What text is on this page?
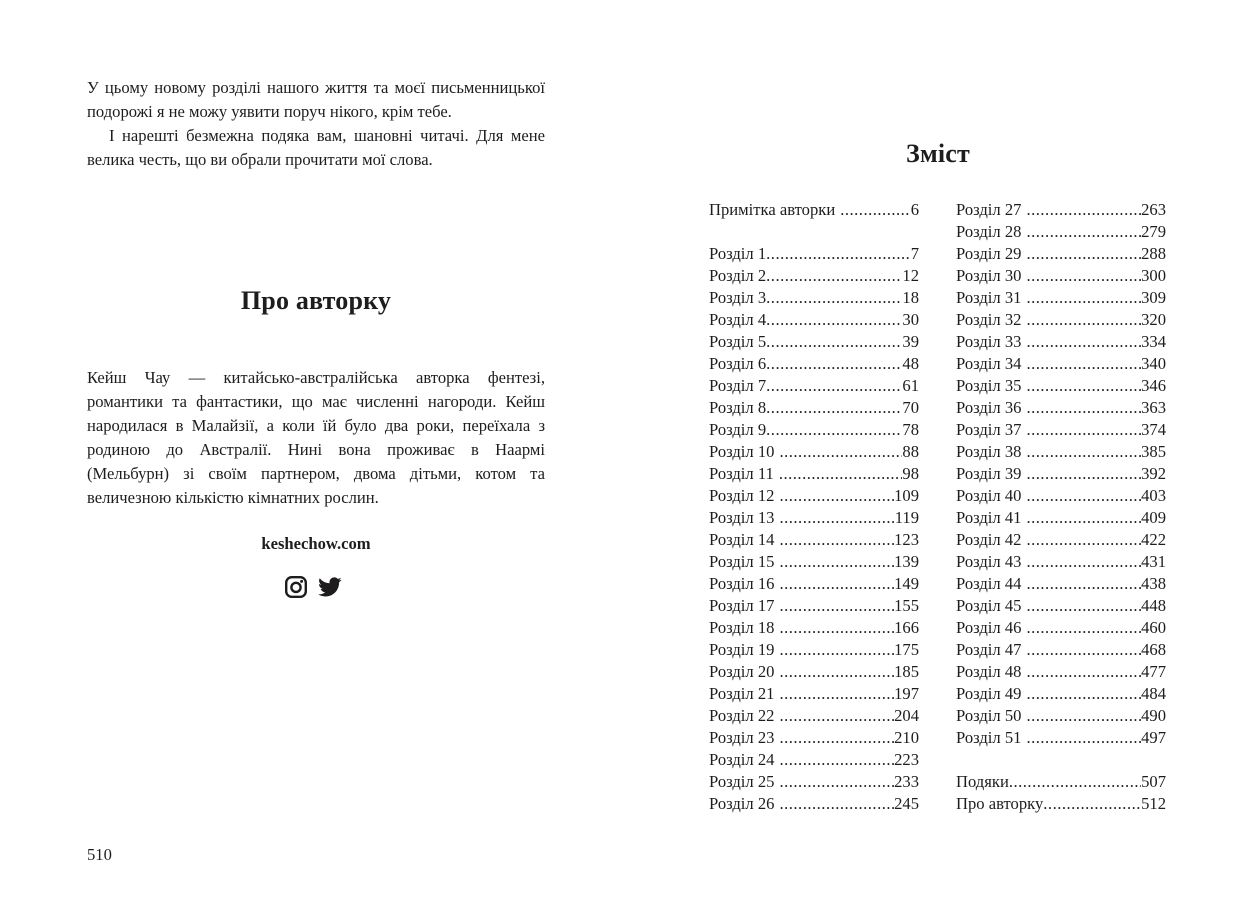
У цьому новому розділі нашого життя та моєї письменницької подорожі я не можу уявити поруч нікого, крім тебе.

І нарешті безмежна подяка вам, шановні читачі. Для мене велика честь, що ви обрали прочитати мої слова.

Про авторку

Кейш Чау — китайсько-австралійська авторка фентезі, романтики та фантастики, що має численні нагороди. Кейш народилася в Малайзії, а коли їй було два роки, переїхала з родиною до Австралії. Нині вона проживає в Наармі (Мельбурн) зі своїм партнером, двома дітьми, котом та величезною кількістю кімнатних рослин.

keshechow.com
510
Зміст
Примітка авторки .....	6
Розділ 1 .....	7
Розділ 2 .....	12
Розділ 3 .....	18
Розділ 4 .....	30
Розділ 5 .....	39
Розділ 6 .....	48
Розділ 7 .....	61
Розділ 8 .....	70
Розділ 9 .....	78
Розділ 10 .....	88
Розділ 11 .....	98
Розділ 12 .....	109
Розділ 13 .....	119
Розділ 14 .....	123
Розділ 15 .....	139
Розділ 16 .....	149
Розділ 17 .....	155
Розділ 18 .....	166
Розділ 19 .....	175
Розділ 20 .....	185
Розділ 21 .....	197
Розділ 22 .....	204
Розділ 23 .....	210
Розділ 24 .....	223
Розділ 25 .....	233
Розділ 26 .....	245
Розділ 27 .....	263
Розділ 28 .....	279
Розділ 29 .....	288
Розділ 30 .....	300
Розділ 31 .....	309
Розділ 32 .....	320
Розділ 33 .....	334
Розділ 34 .....	340
Розділ 35 .....	346
Розділ 36 .....	363
Розділ 37 .....	374
Розділ 38 .....	385
Розділ 39 .....	392
Розділ 40 .....	403
Розділ 41 .....	409
Розділ 42 .....	422
Розділ 43 .....	431
Розділ 44 .....	438
Розділ 45 .....	448
Розділ 46 .....	460
Розділ 47 .....	468
Розділ 48 .....	477
Розділ 49 .....	484
Розділ 50 .....	490
Розділ 51 .....	497
Подяки .....	507
Про авторку .....	512
